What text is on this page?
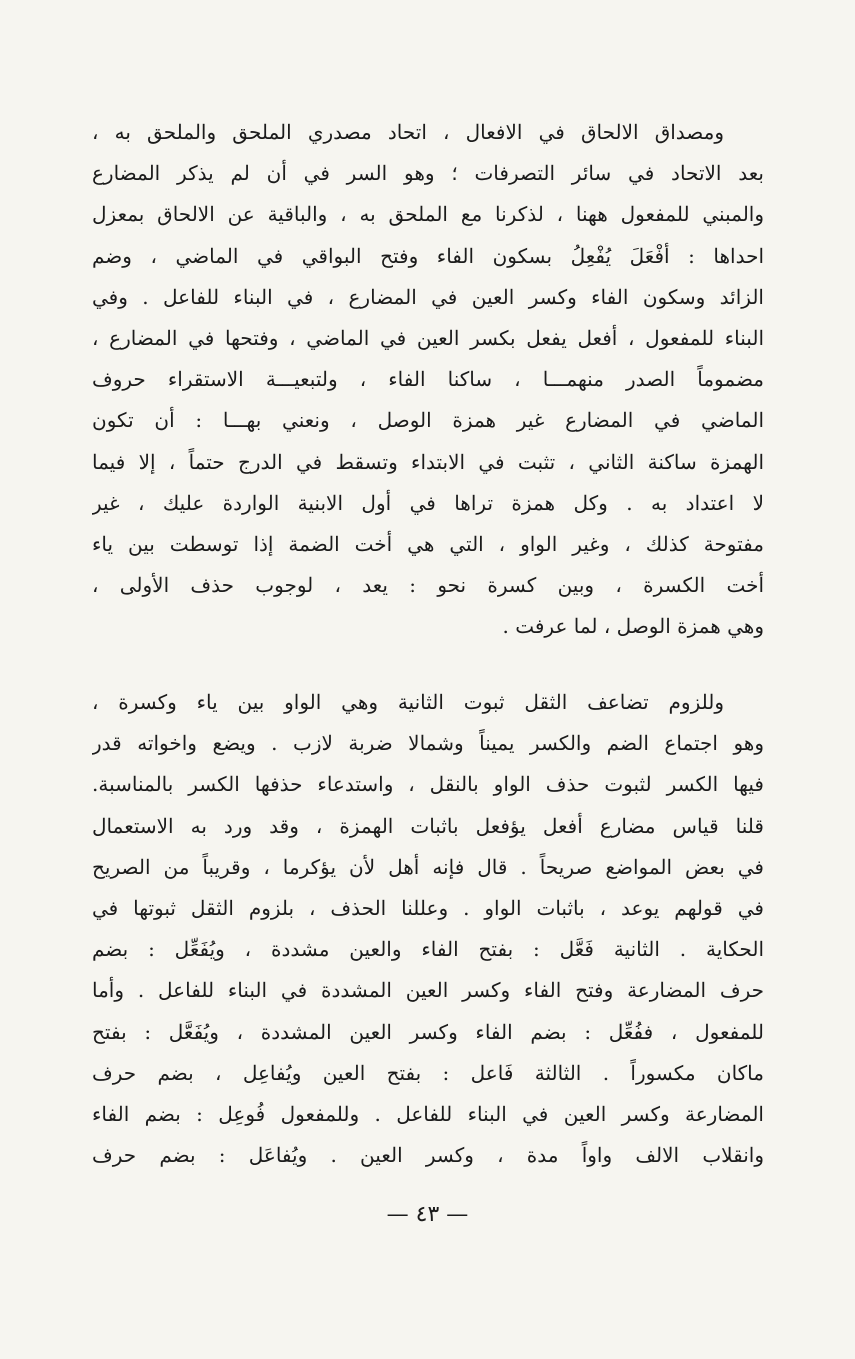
ومصداق الالحاق في الافعال ، اتحاد مصدري الملحق والملحق به ،
بعد الاتحاد في سائر التصرفات ؛ وهو السر في أن لم يذكر المضارع
والمبني للمفعول ههنا ، لذكرنا مع الملحق به ، والباقية عن الالحاق بمعزل
احداها : أفْعَلَ يُفْعِلُ بسكون الفاء وفتح البواقي في الماضي ، وضم
الزائد وسكون الفاء وكسر العين في المضارع ، في البناء للفاعل . وفي
البناء للمفعول ، أفعل يفعل بكسر العين في الماضي ، وفتحها في المضارع ،
مضموماً الصدر منهمـــا ، ساكنا الفاء ، ولتبعيـــة الاستقراء حروف
الماضي في المضارع غير همزة الوصل ، ونعني بهـــا : أن تكون
الهمزة ساكنة الثاني ، تثبت في الابتداء وتسقط في الدرج حتماً ، إلا فيما
لا اعتداد به . وكل همزة تراها في أول الابنية الواردة عليك ، غير
مفتوحة كذلك ، وغير الواو ، التي هي أخت الضمة إذا توسطت بين ياء
أخت الكسرة ، وبين كسرة نحو : يعد ، لوجوب حذف الأولى ،
وهي همزة الوصل ، لما عرفت .
وللزوم تضاعف الثقل ثبوت الثانية وهي الواو بين ياء وكسرة ،
وهو اجتماع الضم والكسر يميناً وشمالا ضربة لازب . ويضع واخواته قدر
فيها الكسر لثبوت حذف الواو بالنقل ، واستدعاء حذفها الكسر بالمناسبة.
قلنا قياس مضارع أفعل يؤفعل باثبات الهمزة ، وقد ورد به الاستعمال
في بعض المواضع صريحاً . قال فإنه أهل لأن يؤكرما ، وقريباً من الصريح
في قولهم يوعد ، باثبات الواو . وعللنا الحذف ، بلزوم الثقل ثبوتها في
الحكاية . الثانية فَعَّل : بفتح الفاء والعين مشددة ، ويُفَعِّل : بضم
حرف المضارعة وفتح الفاء وكسر العين المشددة في البناء للفاعل . وأما
للمفعول ، ففُعِّل : بضم الفاء وكسر العين المشددة ، ويُفَعَّل : بفتح
ماكان مكسوراً . الثالثة فَاعل : بفتح العين ويُفاعِل ، بضم حرف
المضارعة وكسر العين في البناء للفاعل . وللمفعول فُوعِل : بضم الفاء
وانقلاب الالف واواً مدة ، وكسر العين . ويُفاعَل : بضم حرف
— ٤٣ —
